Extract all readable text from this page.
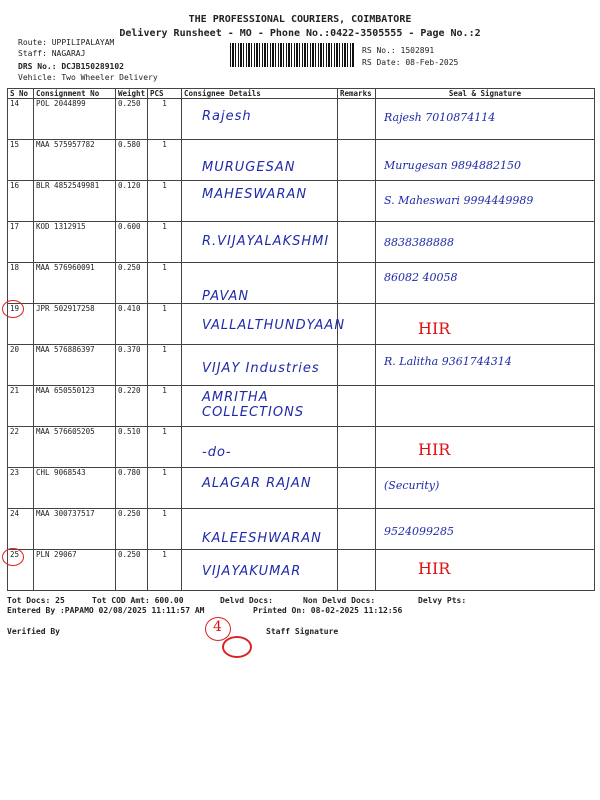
THE PROFESSIONAL COURIERS, COIMBATORE
Delivery Runsheet - MO - Phone No.:0422-3505555 - Page No.:2
Route: UPPILIPALAYAM
Staff: NAGARAJ
DRS No.: DCJB150289102
Vehicle: Two Wheeler Delivery
RS No.: 1502891
RS Date: 08-Feb-2025
S No	Consignment No	Weight	PCS	Consignee Details	Remarks	Seal & Signature
14	POL 2044899	0.250	1	Rajesh		Rajesh 7010874114
15	MAA 575957782	0.580	1	MURUGESAN		Murugesan 9894882150
16	BLR 4852549981	0.120	1	MAHESWARAN		S. Maheswari 9994449989
17	KOD 1312915	0.600	1	R.VIJAYALAKSHMI		8838388888
18	MAA 576960091	0.250	1	PAVAN		86082 40058
19	JPR 502917258	0.410	1	VALLALTHUNDYAAN		HIR
20	MAA 576886397	0.370	1	VIJAY Industries		R. Lalitha 9361744314
21	MAA 650550123	0.220	1	AMRITHA COLLECTIONS		
22	MAA 576605205	0.510	1	-do-		HIR
23	CHL 9068543	0.780	1	ALAGAR RAJAN		(Security)
24	MAA 300737517	0.250	1	KALEESHWARAN		9524099285
25	PLN 29067	0.250	1	VIJAYAKUMAR		HIR
Tot Docs: 25	Tot COD Amt: 600.00	Delvd Docs:	Non Delvd Docs:	Delvy Pts:
Entered By :PAPAMO 02/08/2025 11:11:57 AM	Printed On: 08-02-2025 11:12:56
Verified By	Staff Signature
4
